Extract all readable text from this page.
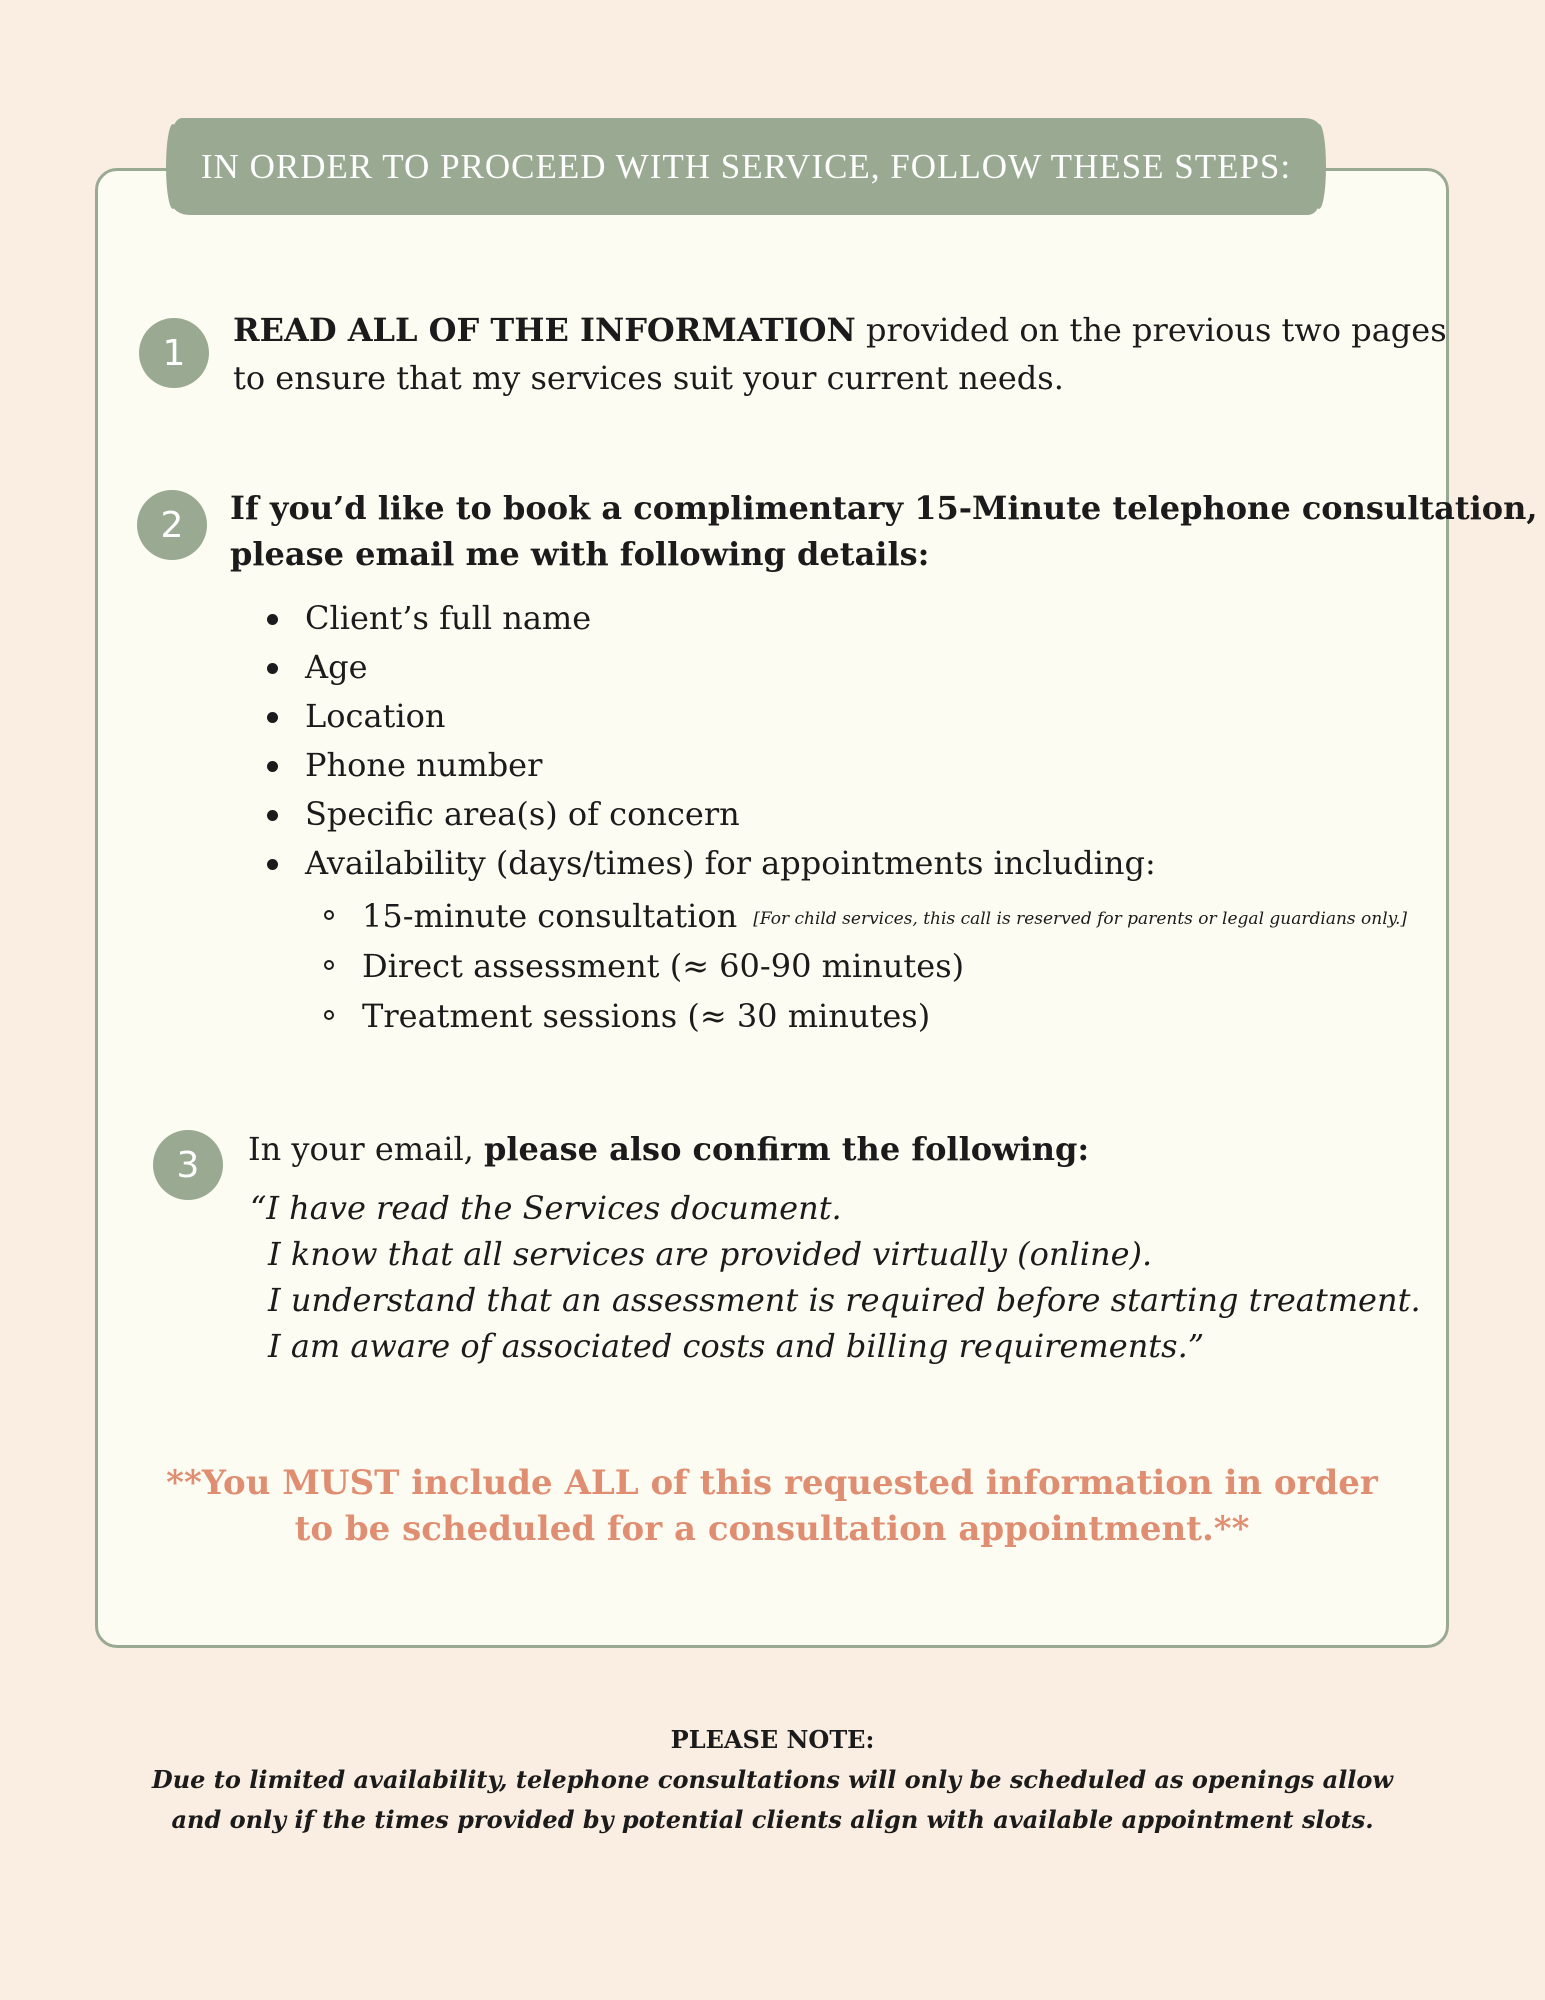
IN ORDER TO PROCEED WITH SERVICE, FOLLOW THESE STEPS:
1
READ ALL OF THE INFORMATION provided on the previous two pages
to ensure that my services suit your current needs.
2 If you’d like to book a complimentary 15-Minute telephone consultation,
please email me with following details:
Client’s full name
Age
Location
Phone number
Specific area(s) of concern
Availability (days/times) for appointments including:
15-minute consultation [For child services, this call is reserved for parents or legal guardians only.]
Direct assessment (≈ 60-90 minutes)
Treatment sessions (≈ 30 minutes)
3 In your email, please also confirm the following:
“I have read the Services document.
I know that all services are provided virtually (online).
I understand that an assessment is required before starting treatment.
I am aware of associated costs and billing requirements.”
**You MUST include ALL of this requested information in order
to be scheduled for a consultation appointment.**
PLEASE NOTE:
Due to limited availability, telephone consultations will only be scheduled as openings allow
and only if the times provided by potential clients align with available appointment slots.
